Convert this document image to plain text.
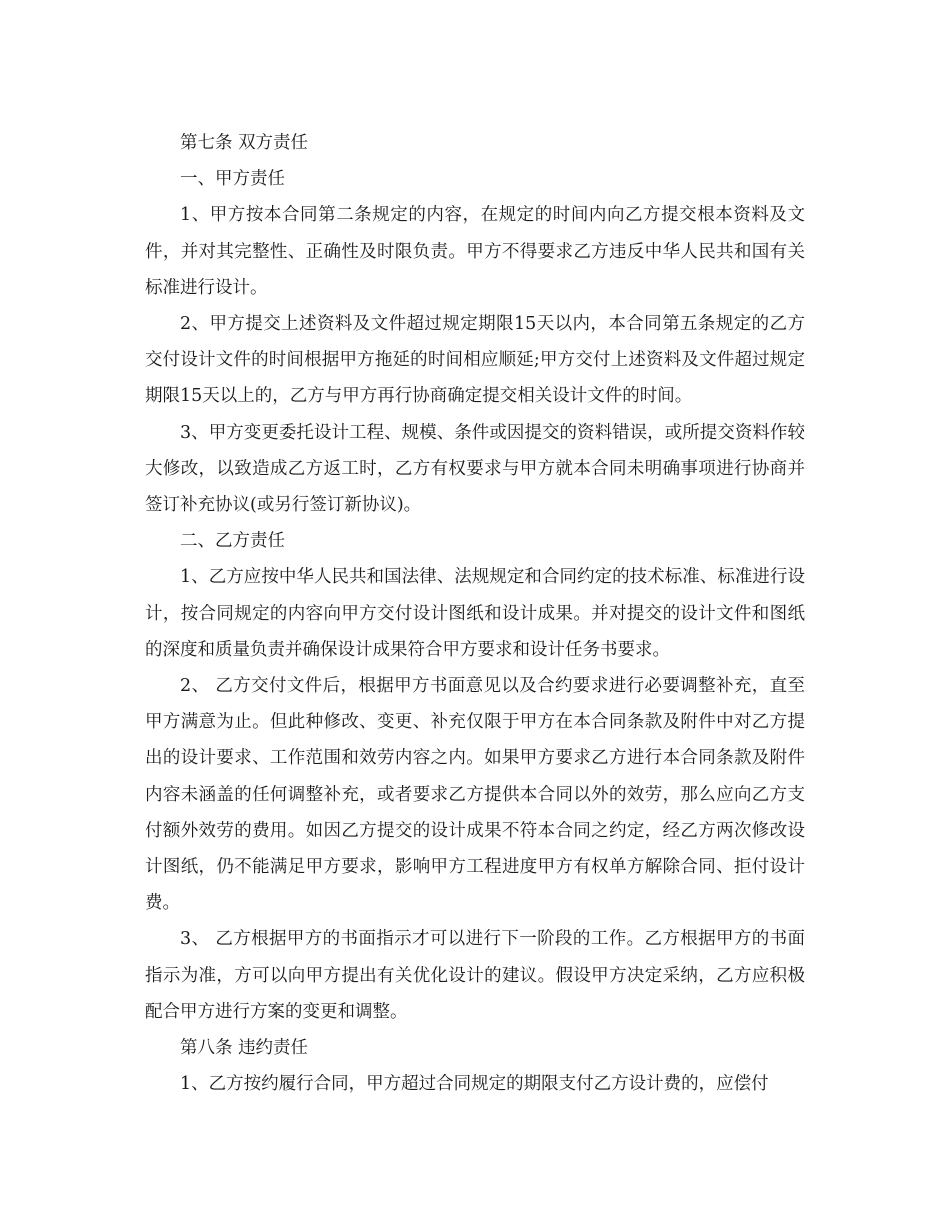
第七条 双方责任

一、甲方责任

1、甲方按本合同第二条规定的内容，在规定的时间内向乙方提交根本资料及文件，并对其完整性、正确性及时限负责。甲方不得要求乙方违反中华人民共和国有关标准进行设计。

2、甲方提交上述资料及文件超过规定期限15天以内，本合同第五条规定的乙方交付设计文件的时间根据甲方拖延的时间相应顺延;甲方交付上述资料及文件超过规定期限15天以上的，乙方与甲方再行协商确定提交相关设计文件的时间。

3、甲方变更委托设计工程、规模、条件或因提交的资料错误，或所提交资料作较大修改，以致造成乙方返工时，乙方有权要求与甲方就本合同未明确事项进行协商并签订补充协议(或另行签订新协议)。

二、乙方责任

1、乙方应按中华人民共和国法律、法规规定和合同约定的技术标准、标准进行设计，按合同规定的内容向甲方交付设计图纸和设计成果。并对提交的设计文件和图纸的深度和质量负责并确保设计成果符合甲方要求和设计任务书要求。

2、 乙方交付文件后，根据甲方书面意见以及合约要求进行必要调整补充，直至甲方满意为止。但此种修改、变更、补充仅限于甲方在本合同条款及附件中对乙方提出的设计要求、工作范围和效劳内容之内。如果甲方要求乙方进行本合同条款及附件内容未涵盖的任何调整补充，或者要求乙方提供本合同以外的效劳，那么应向乙方支付额外效劳的费用。如因乙方提交的设计成果不符本合同之约定，经乙方两次修改设计图纸，仍不能满足甲方要求，影响甲方工程进度甲方有权单方解除合同、拒付设计费。

3、 乙方根据甲方的书面指示才可以进行下一阶段的工作。乙方根据甲方的书面指示为准，方可以向甲方提出有关优化设计的建议。假设甲方决定采纳，乙方应积极配合甲方进行方案的变更和调整。

第八条 违约责任

1、乙方按约履行合同，甲方超过合同规定的期限支付乙方设计费的，应偿付
